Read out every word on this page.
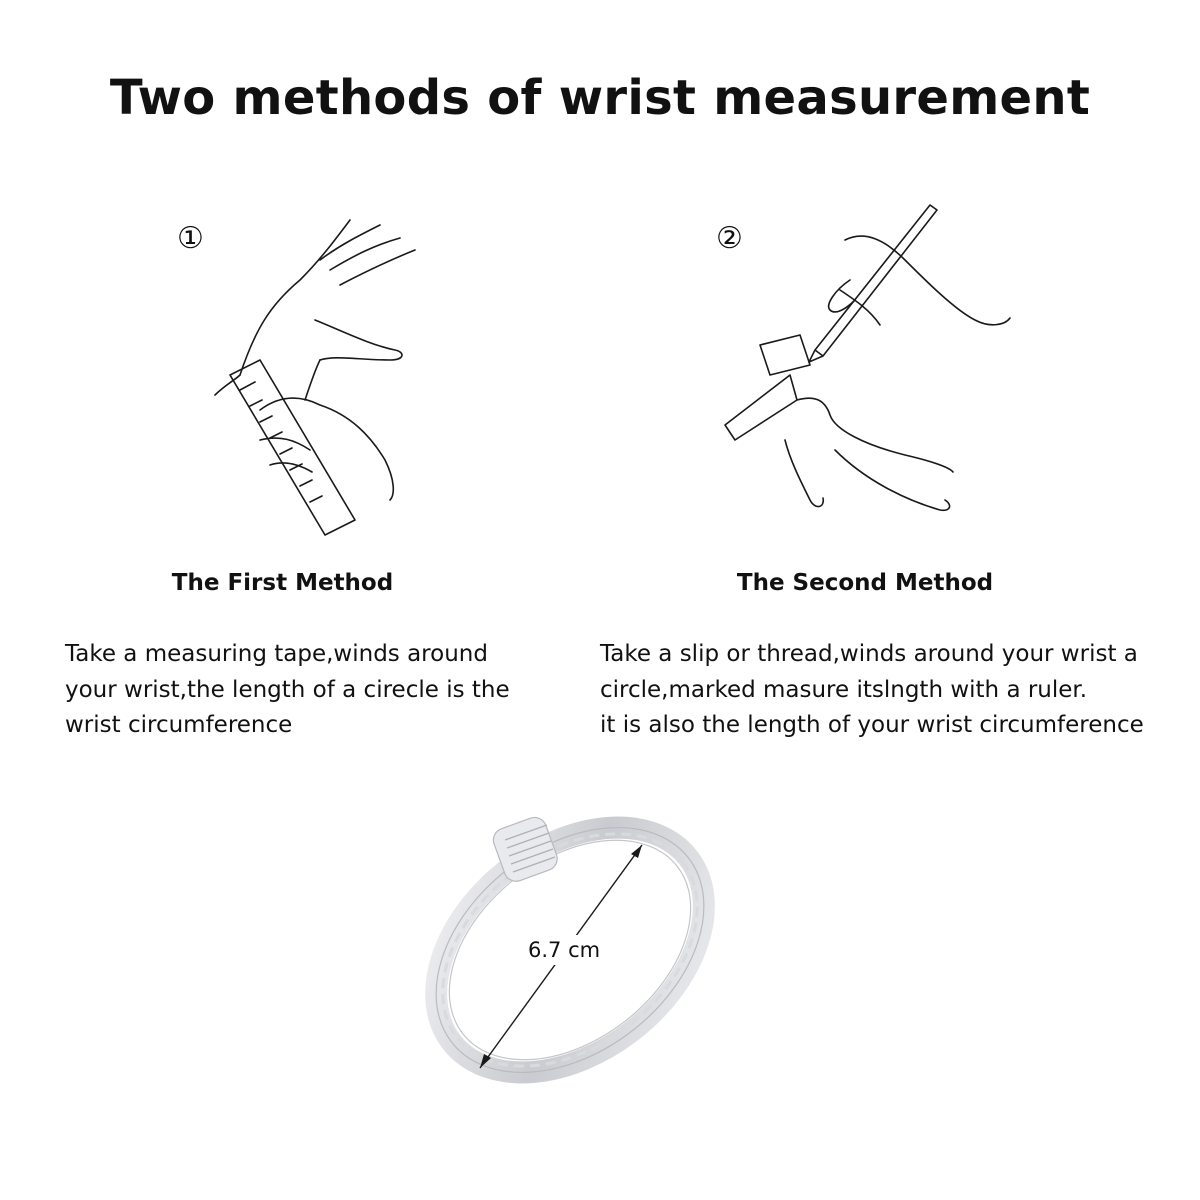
Two methods of wrist measurement
①
The First Method
Take a measuring tape,winds around
your wrist,the length of a cirecle is the
wrist circumference
②
The Second Method
Take a slip or thread,winds around your wrist a
circle,marked masure itslngth with a ruler.
it is also the length of your wrist circumference
6.7 cm
